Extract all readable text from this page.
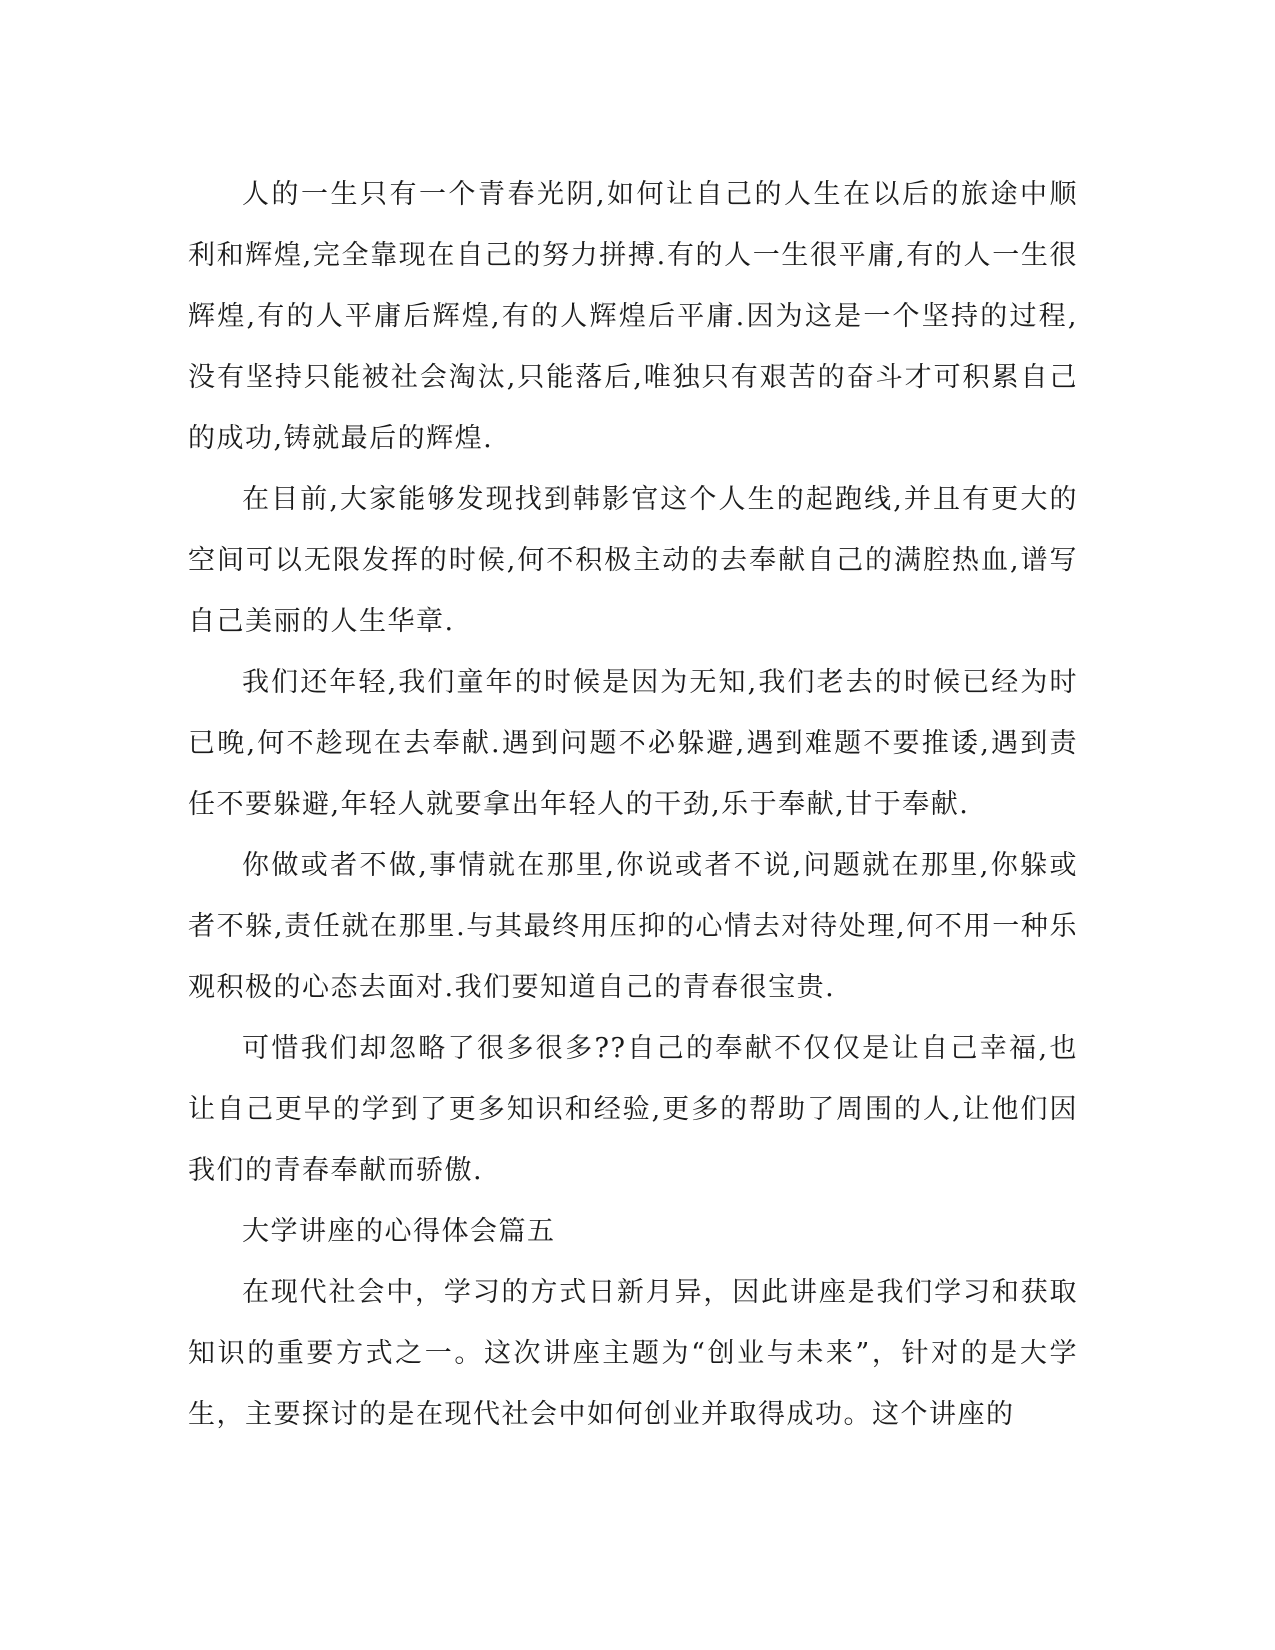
人的一生只有一个青春光阴,如何让自己的人生在以后的旅途中顺利和辉煌,完全靠现在自己的努力拼搏.有的人一生很平庸,有的人一生很辉煌,有的人平庸后辉煌,有的人辉煌后平庸.因为这是一个坚持的过程,没有坚持只能被社会淘汰,只能落后,唯独只有艰苦的奋斗才可积累自己的成功,铸就最后的辉煌.

在目前,大家能够发现找到韩影官这个人生的起跑线,并且有更大的空间可以无限发挥的时候,何不积极主动的去奉献自己的满腔热血,谱写自己美丽的人生华章.

我们还年轻,我们童年的时候是因为无知,我们老去的时候已经为时已晚,何不趁现在去奉献.遇到问题不必躲避,遇到难题不要推诿,遇到责任不要躲避,年轻人就要拿出年轻人的干劲,乐于奉献,甘于奉献.

你做或者不做,事情就在那里,你说或者不说,问题就在那里,你躲或者不躲,责任就在那里.与其最终用压抑的心情去对待处理,何不用一种乐观积极的心态去面对.我们要知道自己的青春很宝贵.

可惜我们却忽略了很多很多??自己的奉献不仅仅是让自己幸福,也让自己更早的学到了更多知识和经验,更多的帮助了周围的人,让他们因我们的青春奉献而骄傲.

大学讲座的心得体会篇五

在现代社会中，学习的方式日新月异，因此讲座是我们学习和获取知识的重要方式之一。这次讲座主题为“创业与未来”，针对的是大学生，主要探讨的是在现代社会中如何创业并取得成功。这个讲座的
